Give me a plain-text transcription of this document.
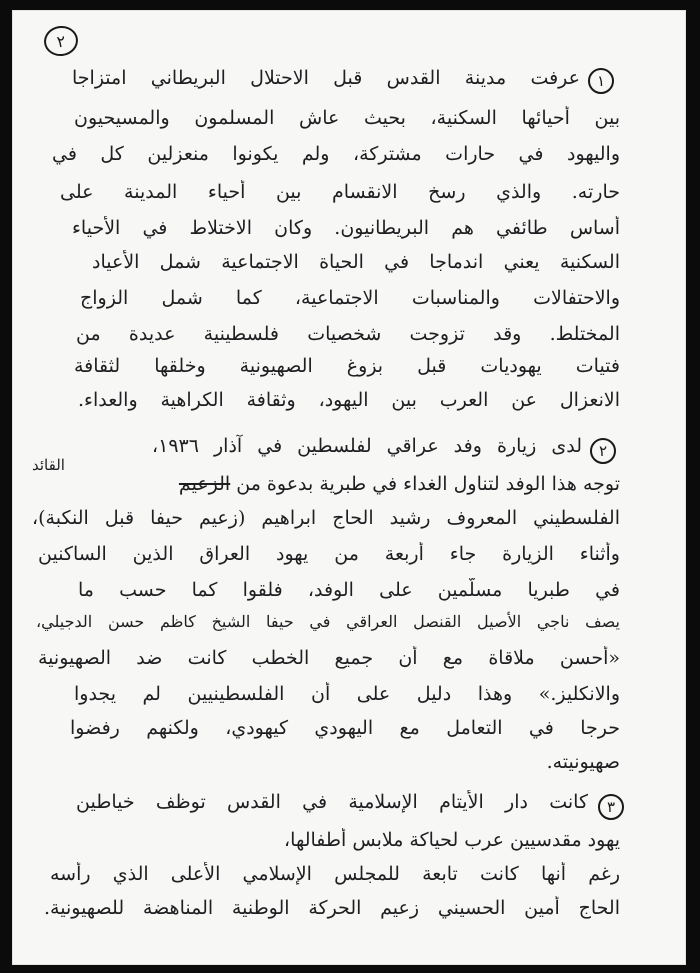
٢
١
عرفت مدينة القدس قبل الاحتلال البريطاني امتزاجا
بين أحيائها السكنية، بحيث عاش المسلمون والمسيحيون
واليهود في حارات مشتركة، ولم يكونوا منعزلين كل في
حارته. والذي رسخ الانقسام بين أحياء المدينة على
أساس طائفي هم البريطانيون. وكان الاختلاط في الأحياء
السكنية يعني اندماجا في الحياة الاجتماعية شمل الأعياد
والاحتفالات والمناسبات الاجتماعية، كما شمل الزواج
المختلط. وقد تزوجت شخصيات فلسطينية عديدة من
فتيات يهوديات قبل بزوغ الصهيونية وخلقها لثقافة
الانعزال عن العرب بين اليهود، وثقافة الكراهية والعداء.
٢
لدى زيارة وفد عراقي لفلسطين في آذار ١٩٣٦،
القائد
توجه هذا الوفد لتناول الغداء في طبرية بدعوة من الزعيم
الفلسطيني المعروف رشيد الحاج ابراهيم (زعيم حيفا قبل النكبة)،
وأثناء الزيارة جاء أربعة من يهود العراق الذين الساكنين
في طبريا مسلّمين على الوفد، فلقوا كما حسب ما
يصف ناجي الأصيل القنصل العراقي في حيفا الشيخ كاظم حسن الدجيلي،
«أحسن ملاقاة مع أن جميع الخطب كانت ضد الصهيونية
والانكليز.» وهذا دليل على أن الفلسطينيين لم يجدوا
حرجا في التعامل مع اليهودي كيهودي، ولكنهم رفضوا
صهيونيته.
٣
كانت دار الأيتام الإسلامية في القدس توظف خياطين
يهود مقدسيين عرب لحياكة ملابس أطفالها،
رغم أنها كانت تابعة للمجلس الإسلامي الأعلى الذي رأسه
الحاج أمين الحسيني زعيم الحركة الوطنية المناهضة للصهيونية.
